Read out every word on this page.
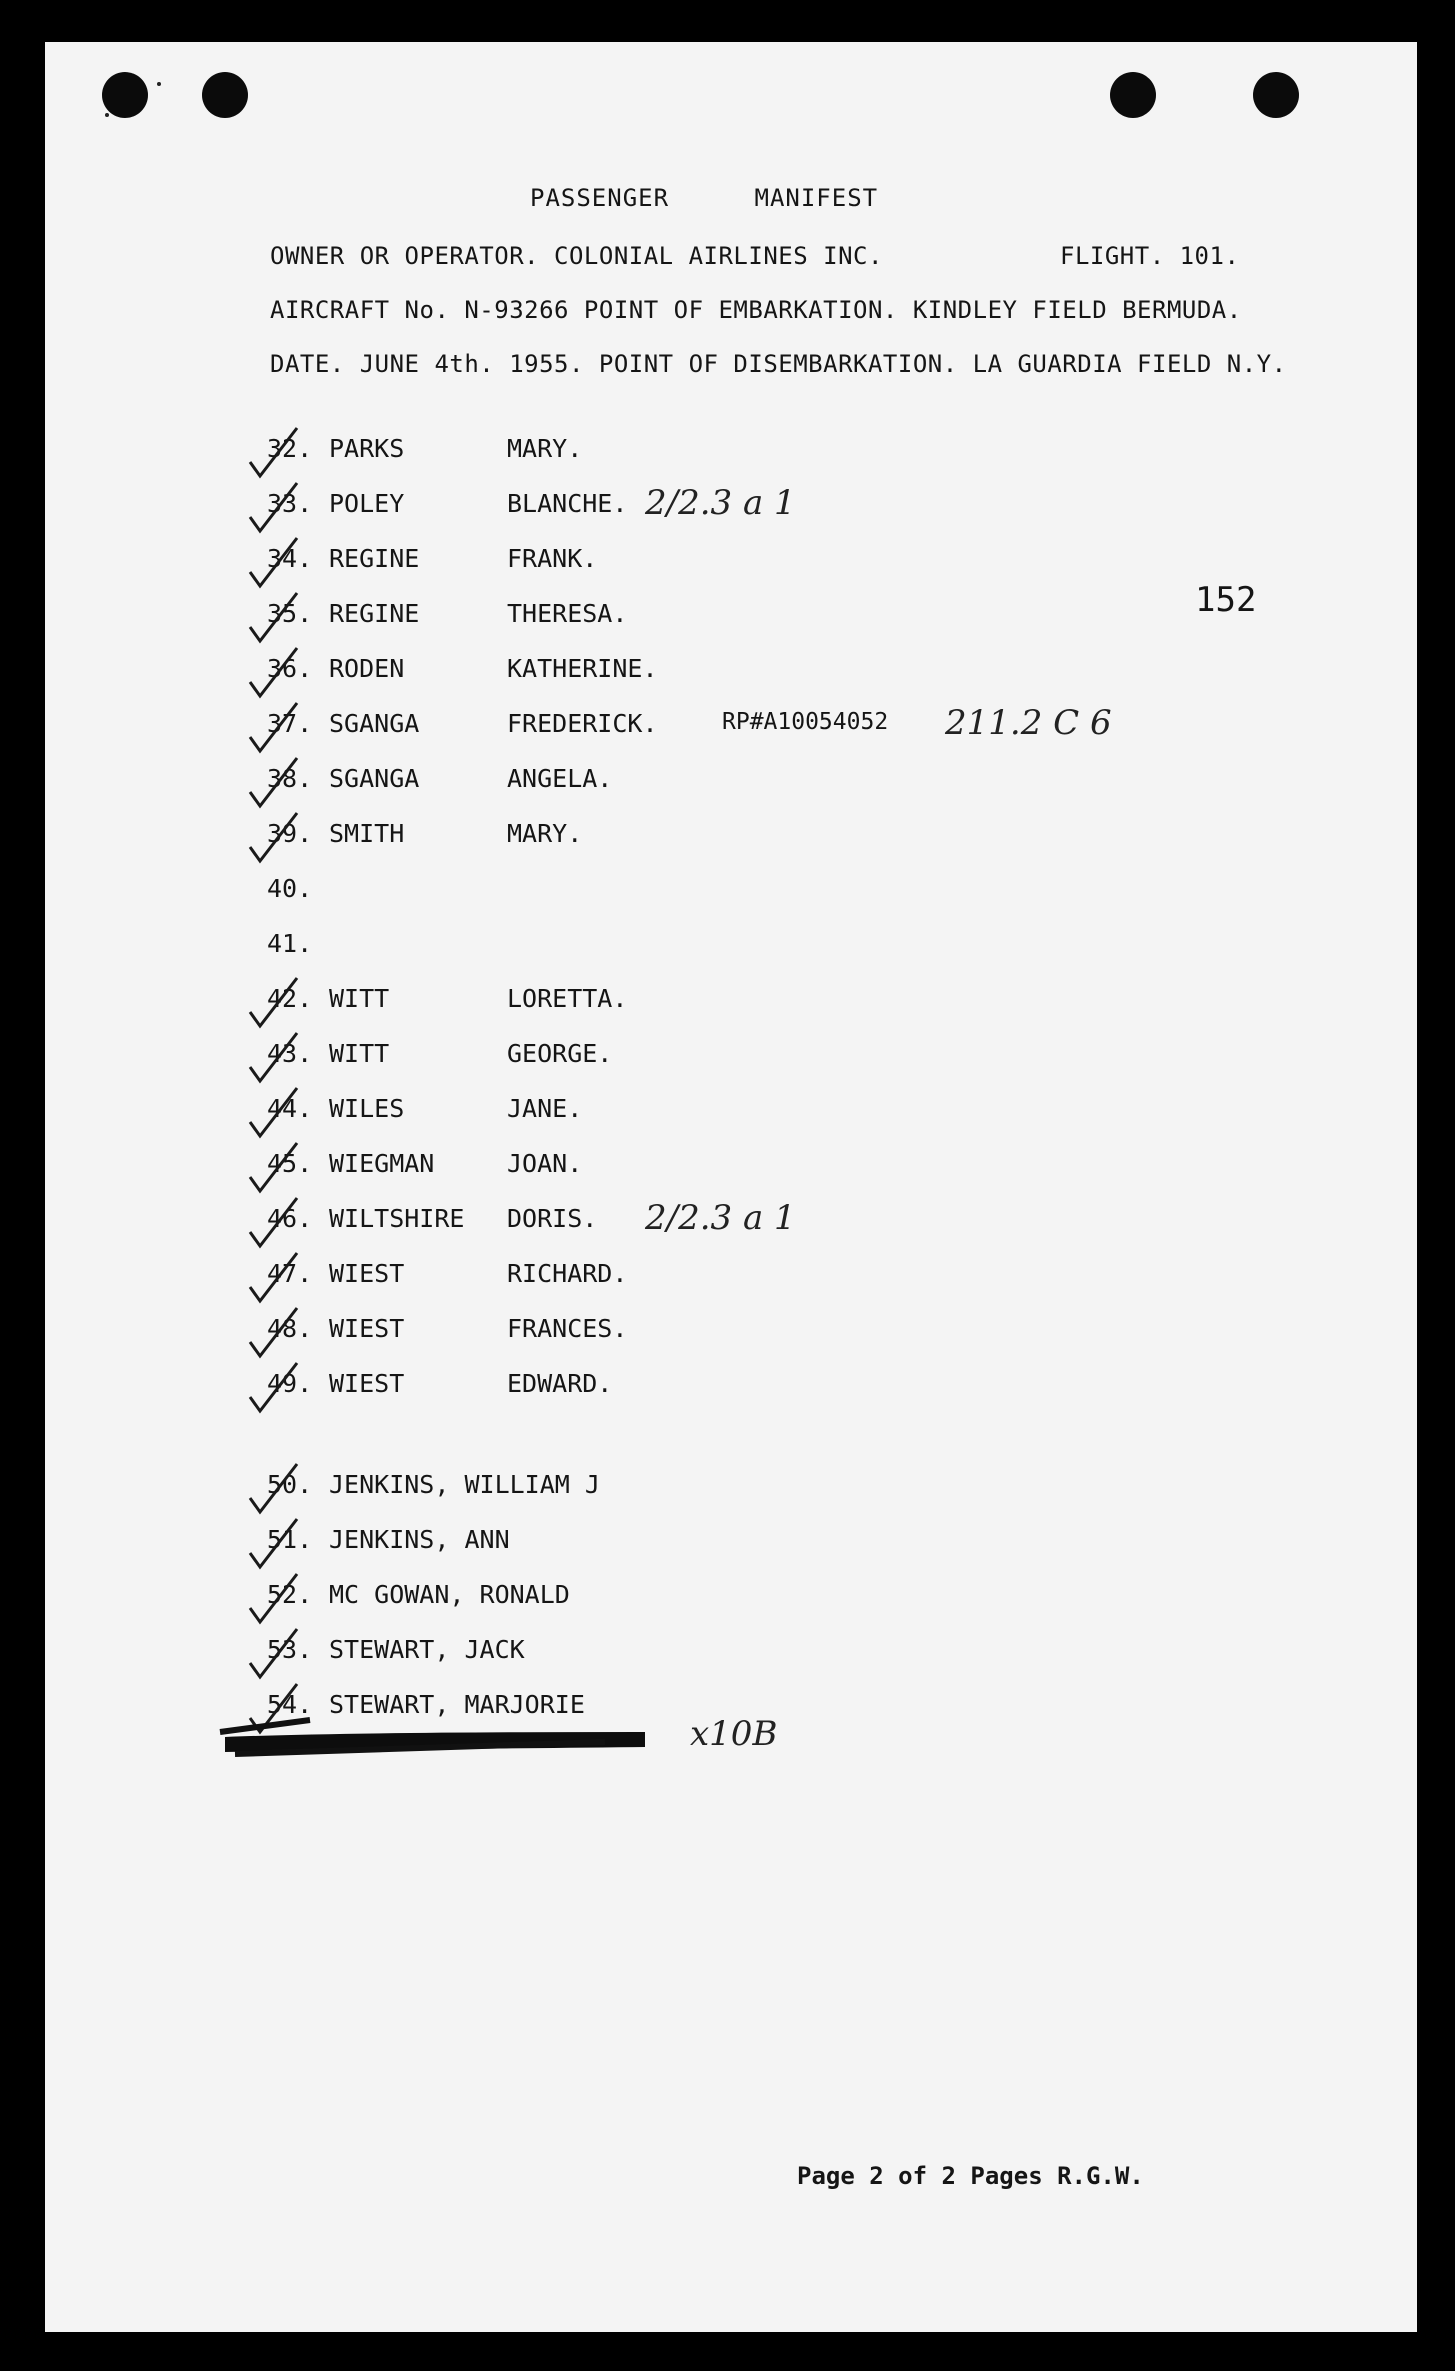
PASSENGER	MANIFEST
OWNER OR OPERATOR. COLONIAL AIRLINES INC.	FLIGHT. 101.
AIRCRAFT No. N-93266 POINT OF EMBARKATION. KINDLEY FIELD BERMUDA.
DATE. JUNE 4th. 1955. POINT OF DISEMBARKATION. LA GUARDIA FIELD N.Y.
152
32. PARKS	MARY.
33. POLEY	BLANCHE. 2/2.3 a 1
34. REGINE	FRANK.
35. REGINE	THERESA.
36. RODEN	KATHERINE.
37. SGANGA	FREDERICK.	RP#A10054052 211.2 C 6
38. SGANGA	ANGELA.
39. SMITH	MARY.
40.
41.
42. WITT	LORETTA.
43. WITT	GEORGE.
44. WILES	JANE.
45. WIEGMAN	JOAN.
46. WILTSHIRE DORIS. 2/2.3 a 1
47. WIEST	RICHARD.
48. WIEST	FRANCES.
49. WIEST	EDWARD.
50. JENKINS, WILLIAM J
51. JENKINS, ANN
52. MC GOWAN, RONALD
53. STEWART, JACK
54. STEWART, MARJORIE
x10B
Page 2 of 2 Pages R.G.W.
